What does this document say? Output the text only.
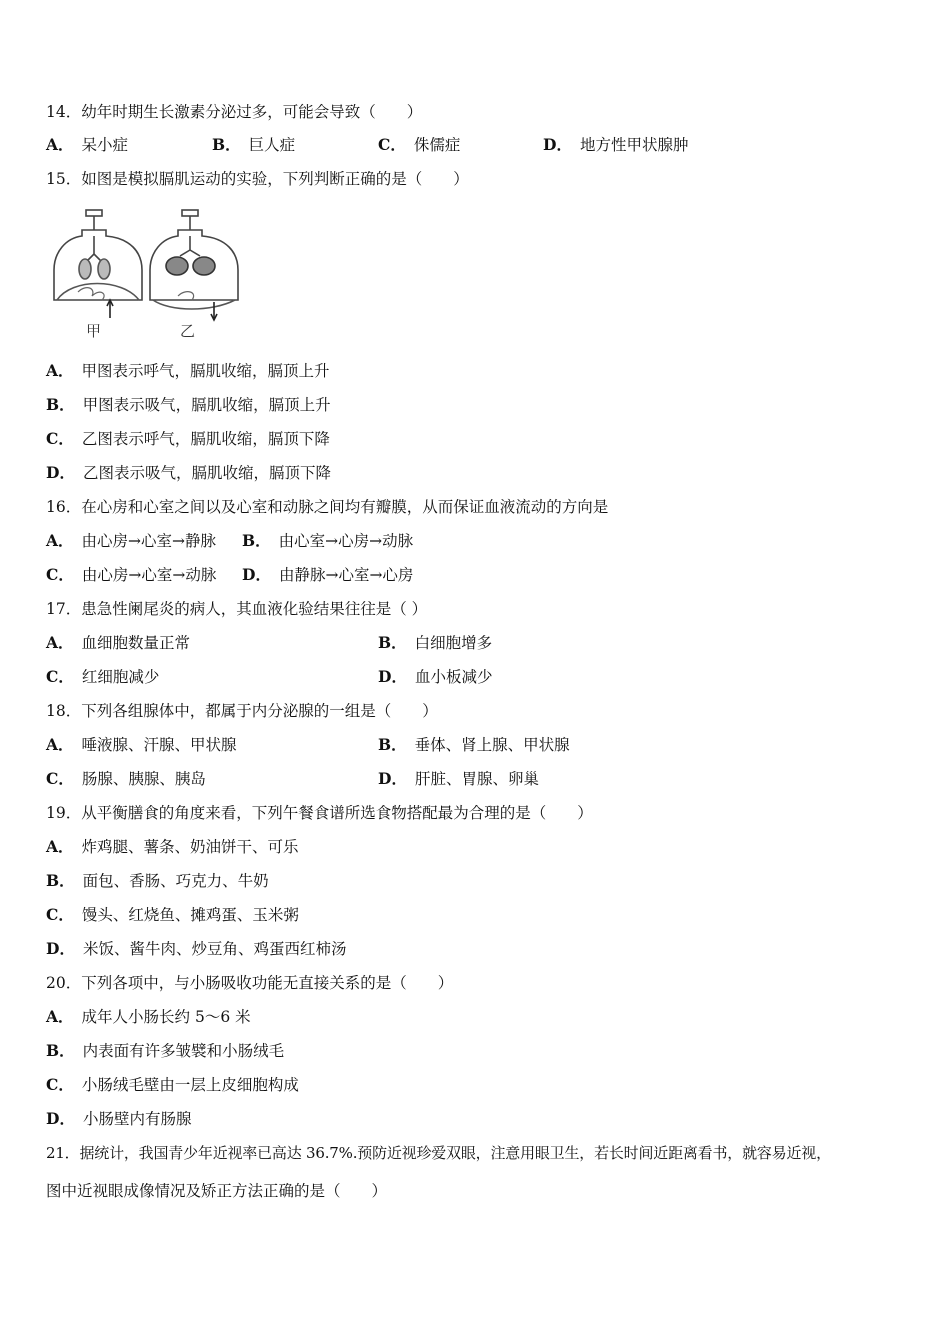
14．幼年时期生长激素分泌过多，可能会导致（　　）
A． 呆小症	B． 巨人症	C． 侏儒症	D． 地方性甲状腺肿
15．如图是模拟膈肌运动的实验，下列判断正确的是（　　）
甲	乙
A． 甲图表示呼气，膈肌收缩，膈顶上升
B． 甲图表示吸气，膈肌收缩，膈顶上升
C． 乙图表示呼气，膈肌收缩，膈顶下降
D． 乙图表示吸气，膈肌收缩，膈顶下降
16．在心房和心室之间以及心室和动脉之间均有瓣膜，从而保证血液流动的方向是
A． 由心房→心室→静脉 B． 由心室→心房→动脉
C． 由心房→心室→动脉 D． 由静脉→心室→心房
17．患急性阑尾炎的病人，其血液化验结果往往是（ ）
A． 血细胞数量正常	B． 白细胞增多
C． 红细胞减少	D． 血小板减少
18．下列各组腺体中，都属于内分泌腺的一组是（　　）
A． 唾液腺、汗腺、甲状腺	B． 垂体、肾上腺、甲状腺
C． 肠腺、胰腺、胰岛	D． 肝脏、胃腺、卵巢
19．从平衡膳食的角度来看，下列午餐食谱所选食物搭配最为合理的是（　　）
A． 炸鸡腿、薯条、奶油饼干、可乐
B． 面包、香肠、巧克力、牛奶
C． 馒头、红烧鱼、摊鸡蛋、玉米粥
D． 米饭、酱牛肉、炒豆角、鸡蛋西红柿汤
20．下列各项中，与小肠吸收功能无直接关系的是（　　）
A． 成年人小肠长约 5～6 米
B． 内表面有许多皱襞和小肠绒毛
C． 小肠绒毛壁由一层上皮细胞构成
D． 小肠壁内有肠腺
21．据统计，我国青少年近视率已高达 36.7%.预防近视珍爱双眼，注意用眼卫生，若长时间近距离看书，就容易近视，
图中近视眼成像情况及矫正方法正确的是（　　）
